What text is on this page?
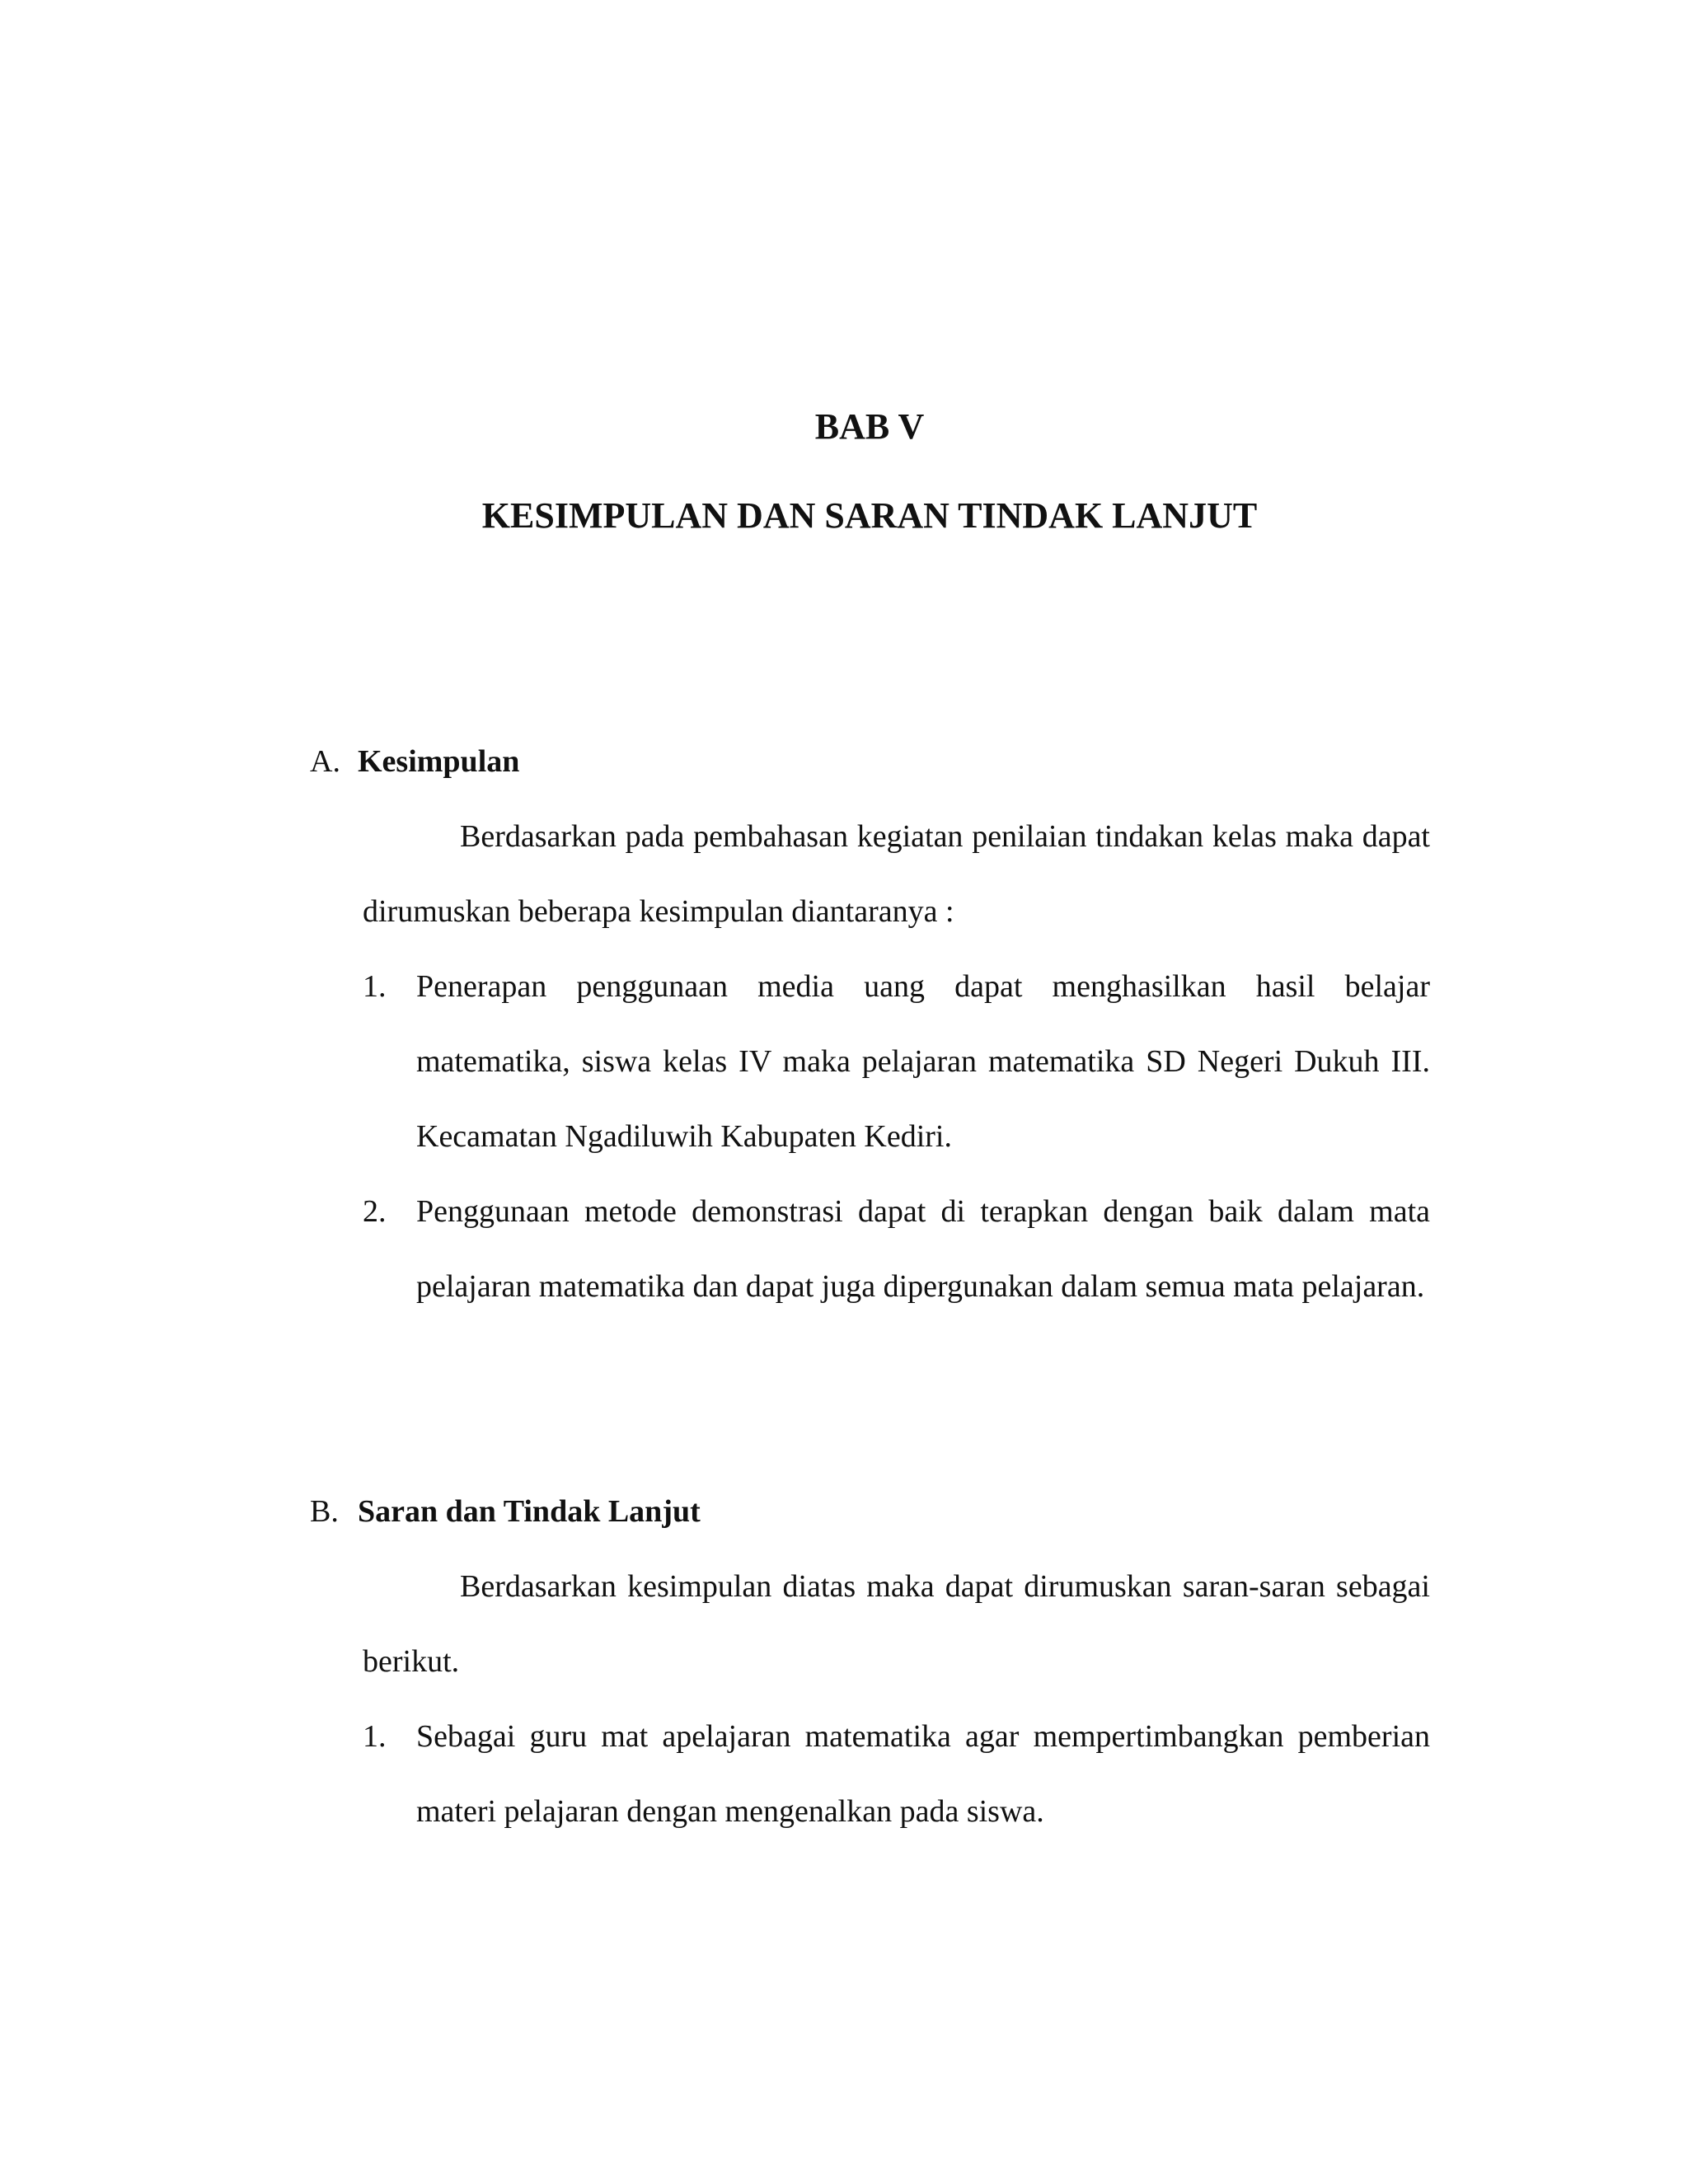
BAB V
KESIMPULAN DAN SARAN TINDAK LANJUT
A. Kesimpulan
Berdasarkan pada pembahasan kegiatan penilaian tindakan kelas maka dapat dirumuskan beberapa kesimpulan diantaranya :
1. Penerapan penggunaan media uang dapat menghasilkan hasil belajar matematika, siswa kelas IV maka pelajaran matematika SD Negeri Dukuh III. Kecamatan Ngadiluwih Kabupaten Kediri.
2. Penggunaan metode demonstrasi dapat di terapkan dengan baik dalam mata pelajaran matematika dan dapat juga dipergunakan dalam semua mata pelajaran.
B. Saran dan Tindak Lanjut
Berdasarkan kesimpulan diatas maka dapat dirumuskan saran-saran sebagai berikut.
1. Sebagai guru mat apelajaran matematika agar mempertimbangkan pemberian materi pelajaran dengan mengenalkan pada siswa.
